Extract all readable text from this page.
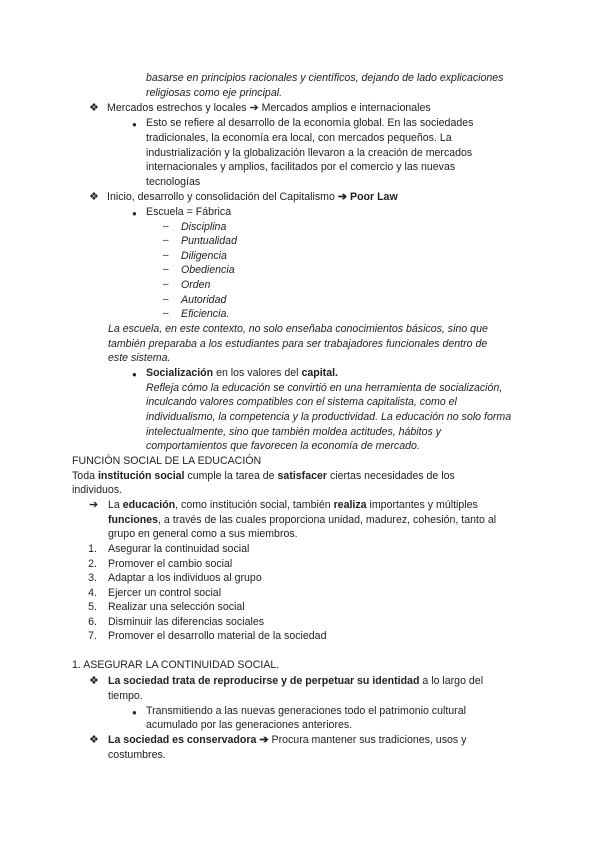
basarse en principios racionales y científicos, dejando de lado explicaciones
religiosas como eje principal.
❖ Mercados estrechos y locales ➔ Mercados amplios e internacionales
● Esto se refiere al desarrollo de la economía global. En las sociedades
tradicionales, la economía era local, con mercados pequeños. La
industrialización y la globalización llevaron a la creación de mercados
internacionales y amplios, facilitados por el comercio y las nuevas
tecnologías
❖ Inicio, desarrollo y consolidación del Capitalismo ➔ Poor Law
● Escuela = Fábrica
– Disciplina
– Puntualidad
– Diligencia
– Obediencia
– Orden
– Autoridad
– Eficiencia.
La escuela, en este contexto, no solo enseñaba conocimientos básicos, sino que
también preparaba a los estudiantes para ser trabajadores funcionales dentro de
este sistema.
● Socialización en los valores del capital.
Refleja cómo la educación se convirtió en una herramienta de socialización,
inculcando valores compatibles con el sistema capitalista, como el
individualismo, la competencia y la productividad. La educación no solo forma
intelectualmente, sino que también moldea actitudes, hábitos y
comportamientos que favorecen la economía de mercado.
FUNCIÓN SOCIAL DE LA EDUCACIÓN
Toda institución social cumple la tarea de satisfacer ciertas necesidades de los
individuos.
➔ La educación, como institución social, también realiza importantes y múltiples
funciones, a través de las cuales proporciona unidad, madurez, cohesión, tanto al
grupo en general como a sus miembros.
1. Asegurar la continuidad social
2. Promover el cambio social
3. Adaptar a los individuos al grupo
4. Ejercer un control social
5. Realizar una selección social
6. Disminuir las diferencias sociales
7. Promover el desarrollo material de la sociedad
1. ASEGURAR LA CONTINUIDAD SOCIAL.
❖ La sociedad trata de reproducirse y de perpetuar su identidad a lo largo del
tiempo.
● Transmitiendo a las nuevas generaciones todo el patrimonio cultural
acumulado por las generaciones anteriores.
❖ La sociedad es conservadora ➔ Procura mantener sus tradiciones, usos y
costumbres.
